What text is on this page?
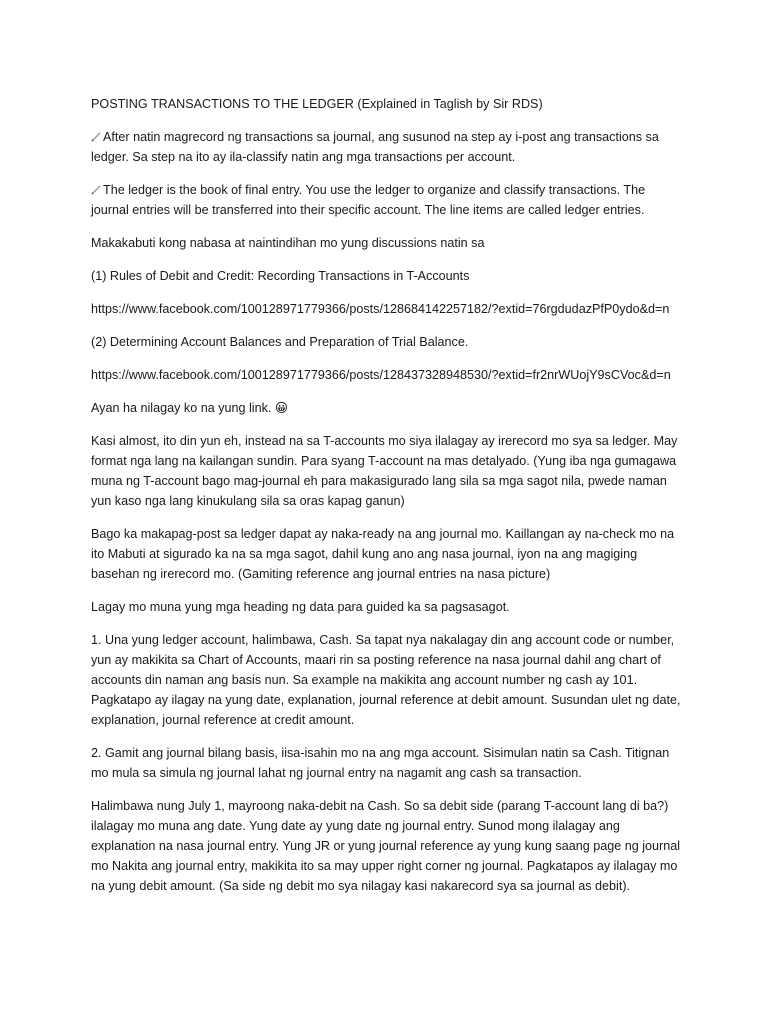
POSTING TRANSACTIONS TO THE LEDGER (Explained in Taglish by Sir RDS)

After natin magrecord ng transactions sa journal, ang susunod na step ay i-post ang transactions sa ledger. Sa step na ito ay ila-classify natin ang mga transactions per account.

The ledger is the book of final entry. You use the ledger to organize and classify transactions. The journal entries will be transferred into their specific account. The line items are called ledger entries.

Makakabuti kong nabasa at naintindihan mo yung discussions natin sa

(1) Rules of Debit and Credit: Recording Transactions in T-Accounts

https://www.facebook.com/100128971779366/posts/128684142257182/?extid=76rgdudazPfP0ydo&d=n

(2) Determining Account Balances and Preparation of Trial Balance.

https://www.facebook.com/100128971779366/posts/128437328948530/?extid=fr2nrWUojY9sCVoc&d=n

Ayan ha nilagay ko na yung link. 😀

Kasi almost, ito din yun eh, instead na sa T-accounts mo siya ilalagay ay irerecord mo sya sa ledger. May format nga lang na kailangan sundin. Para syang T-account na mas detalyado. (Yung iba nga gumagawa muna ng T-account bago mag-journal eh para makasigurado lang sila sa mga sagot nila, pwede naman yun kaso nga lang kinukulang sila sa oras kapag ganun)

Bago ka makapag-post sa ledger dapat ay naka-ready na ang journal mo. Kaillangan ay na-check mo na ito Mabuti at sigurado ka na sa mga sagot, dahil kung ano ang nasa journal, iyon na ang magiging basehan ng irerecord mo. (Gamiting reference ang journal entries na nasa picture)

Lagay mo muna yung mga heading ng data para guided ka sa pagsasagot.

1. Una yung ledger account, halimbawa, Cash. Sa tapat nya nakalagay din ang account code or number, yun ay makikita sa Chart of Accounts, maari rin sa posting reference na nasa journal dahil ang chart of accounts din naman ang basis nun. Sa example na makikita ang account number ng cash ay 101. Pagkatapo ay ilagay na yung date, explanation, journal reference at debit amount. Susundan ulet ng date, explanation, journal reference at credit amount.

2. Gamit ang journal bilang basis, iisa-isahin mo na ang mga account. Sisimulan natin sa Cash. Titignan mo mula sa simula ng journal lahat ng journal entry na nagamit ang cash sa transaction.

Halimbawa nung July 1, mayroong naka-debit na Cash. So sa debit side (parang T-account lang di ba?) ilalagay mo muna ang date. Yung date ay yung date ng journal entry. Sunod mong ilalagay ang explanation na nasa journal entry. Yung JR or yung journal reference ay yung kung saang page ng journal mo Nakita ang journal entry, makikita ito sa may upper right corner ng journal. Pagkatapos ay ilalagay mo na yung debit amount. (Sa side ng debit mo sya nilagay kasi nakarecord sya sa journal as debit).
